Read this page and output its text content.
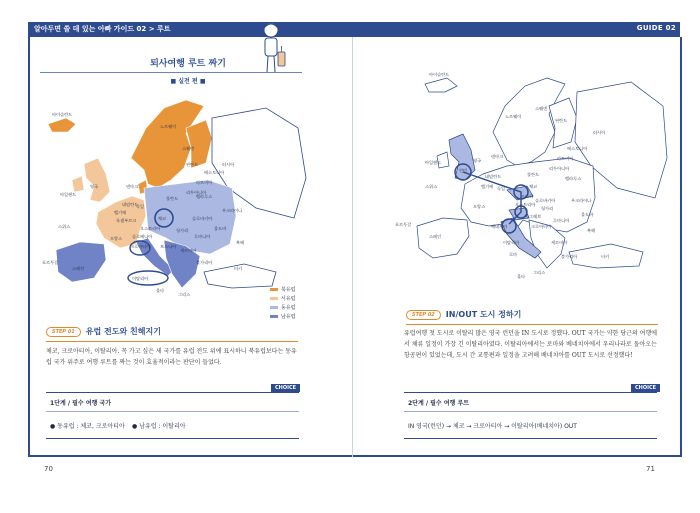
알아두면 쓸 데 있는 아빠 가이드 02 > 루트	GUIDE 02
퇴사여행 루트 짜기
■ 실전 편 ■
아이슬란드
노르웨이
스웨덴
핀란드
덴마크
에스토니아
라트비아
리투아니아
러시아
아일랜드
영국
네덜란드
벨기에
독일
폴란드	벨라루스
체코
룩셈부르크
우크라이나
슬로바키아
스위스	오스트리아	헝가리	몰도바
프랑스	루마니아
슬로베니아
크로아티아 보스니아
세르비아
불가리아
포르투갈
스페인
이탈리아
그리스
흑해
터키
몰타	북유럽
서유럽
동유럽
남유럽
STEP 01	유럽 전도와 친해지기
체코, 크로아티아, 이탈리아. 꼭 가고 싶은 세 국가를 유럽 전도 위에 표시하니 북유럽보다는 동유럽 국가 위주로 여행 루트를 짜는 것이 효율적이라는 판단이 들었다.
CHOICE
1단계 / 필수 여행 국가
● 동유럽 : 체코, 크로아티아 ● 남유럽 : 이탈리아
70
아이슬란드
노르웨이
스웨덴
핀란드
러시아
덴마크
에스토니아
라트비아
리투아니아
아일랜드	영국
런던
네덜란드	폴란드
벨라루스
우크라이나
독일	체코
프라하
슬로바키아
몰도바
벨기에
프랑스
스위스
오스트리아
헝가리
루마니아
자그레브
크로아티아
포르투갈
스페인
이탈리아
베네치아
세르비아
불가리아
흑해
터키
로마
그리스
몰타
STEP 02	IN/OUT 도시 정하기
유럽여행 첫 도시로 이탈리 많은 영국 런던을 IN 도시로 정했다. OUT 국가는 약한 당근의 여행에서 체류 일정이 가장 긴 이탈리아였다. 이탈리아에서는 로마와 베네치아에서 우리나라로 돌아오는 항공편이 있었는데, 도시 간 교통편과 일정을 고려해 베네치아를 OUT 도시로 선정했다!
CHOICE
2단계 / 필수 여행 루트
IN 영국(런던) → 체코 → 크로아티아 → 이탈리아(베네치아) OUT
71
